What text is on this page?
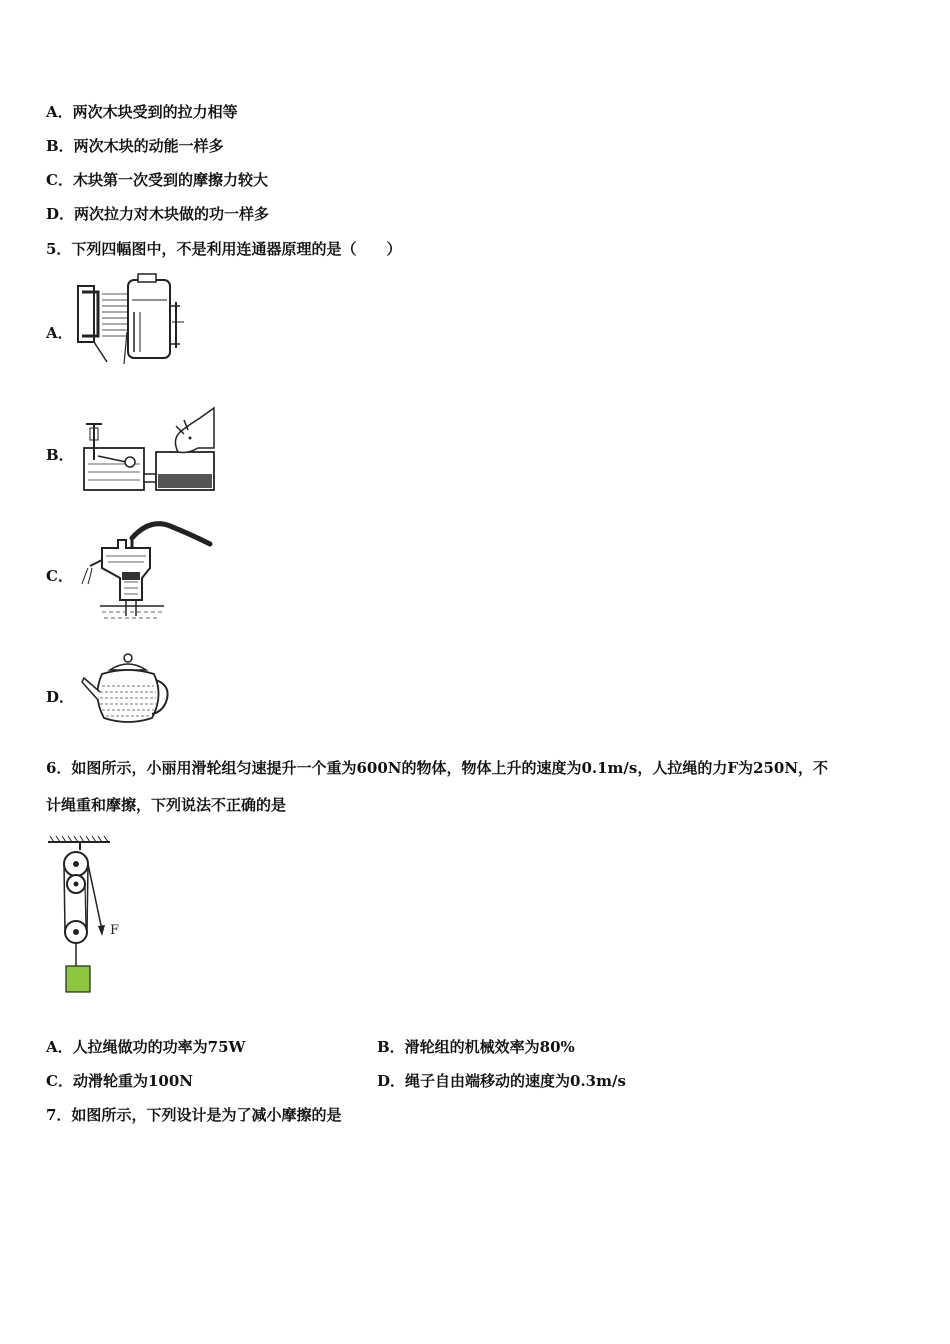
A．两次木块受到的拉力相等
B．两次木块的动能一样多
C．木块第一次受到的摩擦力较大
D．两次拉力对木块做的功一样多
5．下列四幅图中，不是利用连通器原理的是（　　）
A．
B．
C．
D．
6．如图所示，小丽用滑轮组匀速提升一个重为600N的物体，物体上升的速度为0.1m/s，人拉绳的力F为250N，不
计绳重和摩擦，下列说法不正确的是
F
A．人拉绳做功的功率为75W	B．滑轮组的机械效率为80%
C．动滑轮重为100N	D．绳子自由端移动的速度为0.3m/s
7．如图所示，下列设计是为了减小摩擦的是
